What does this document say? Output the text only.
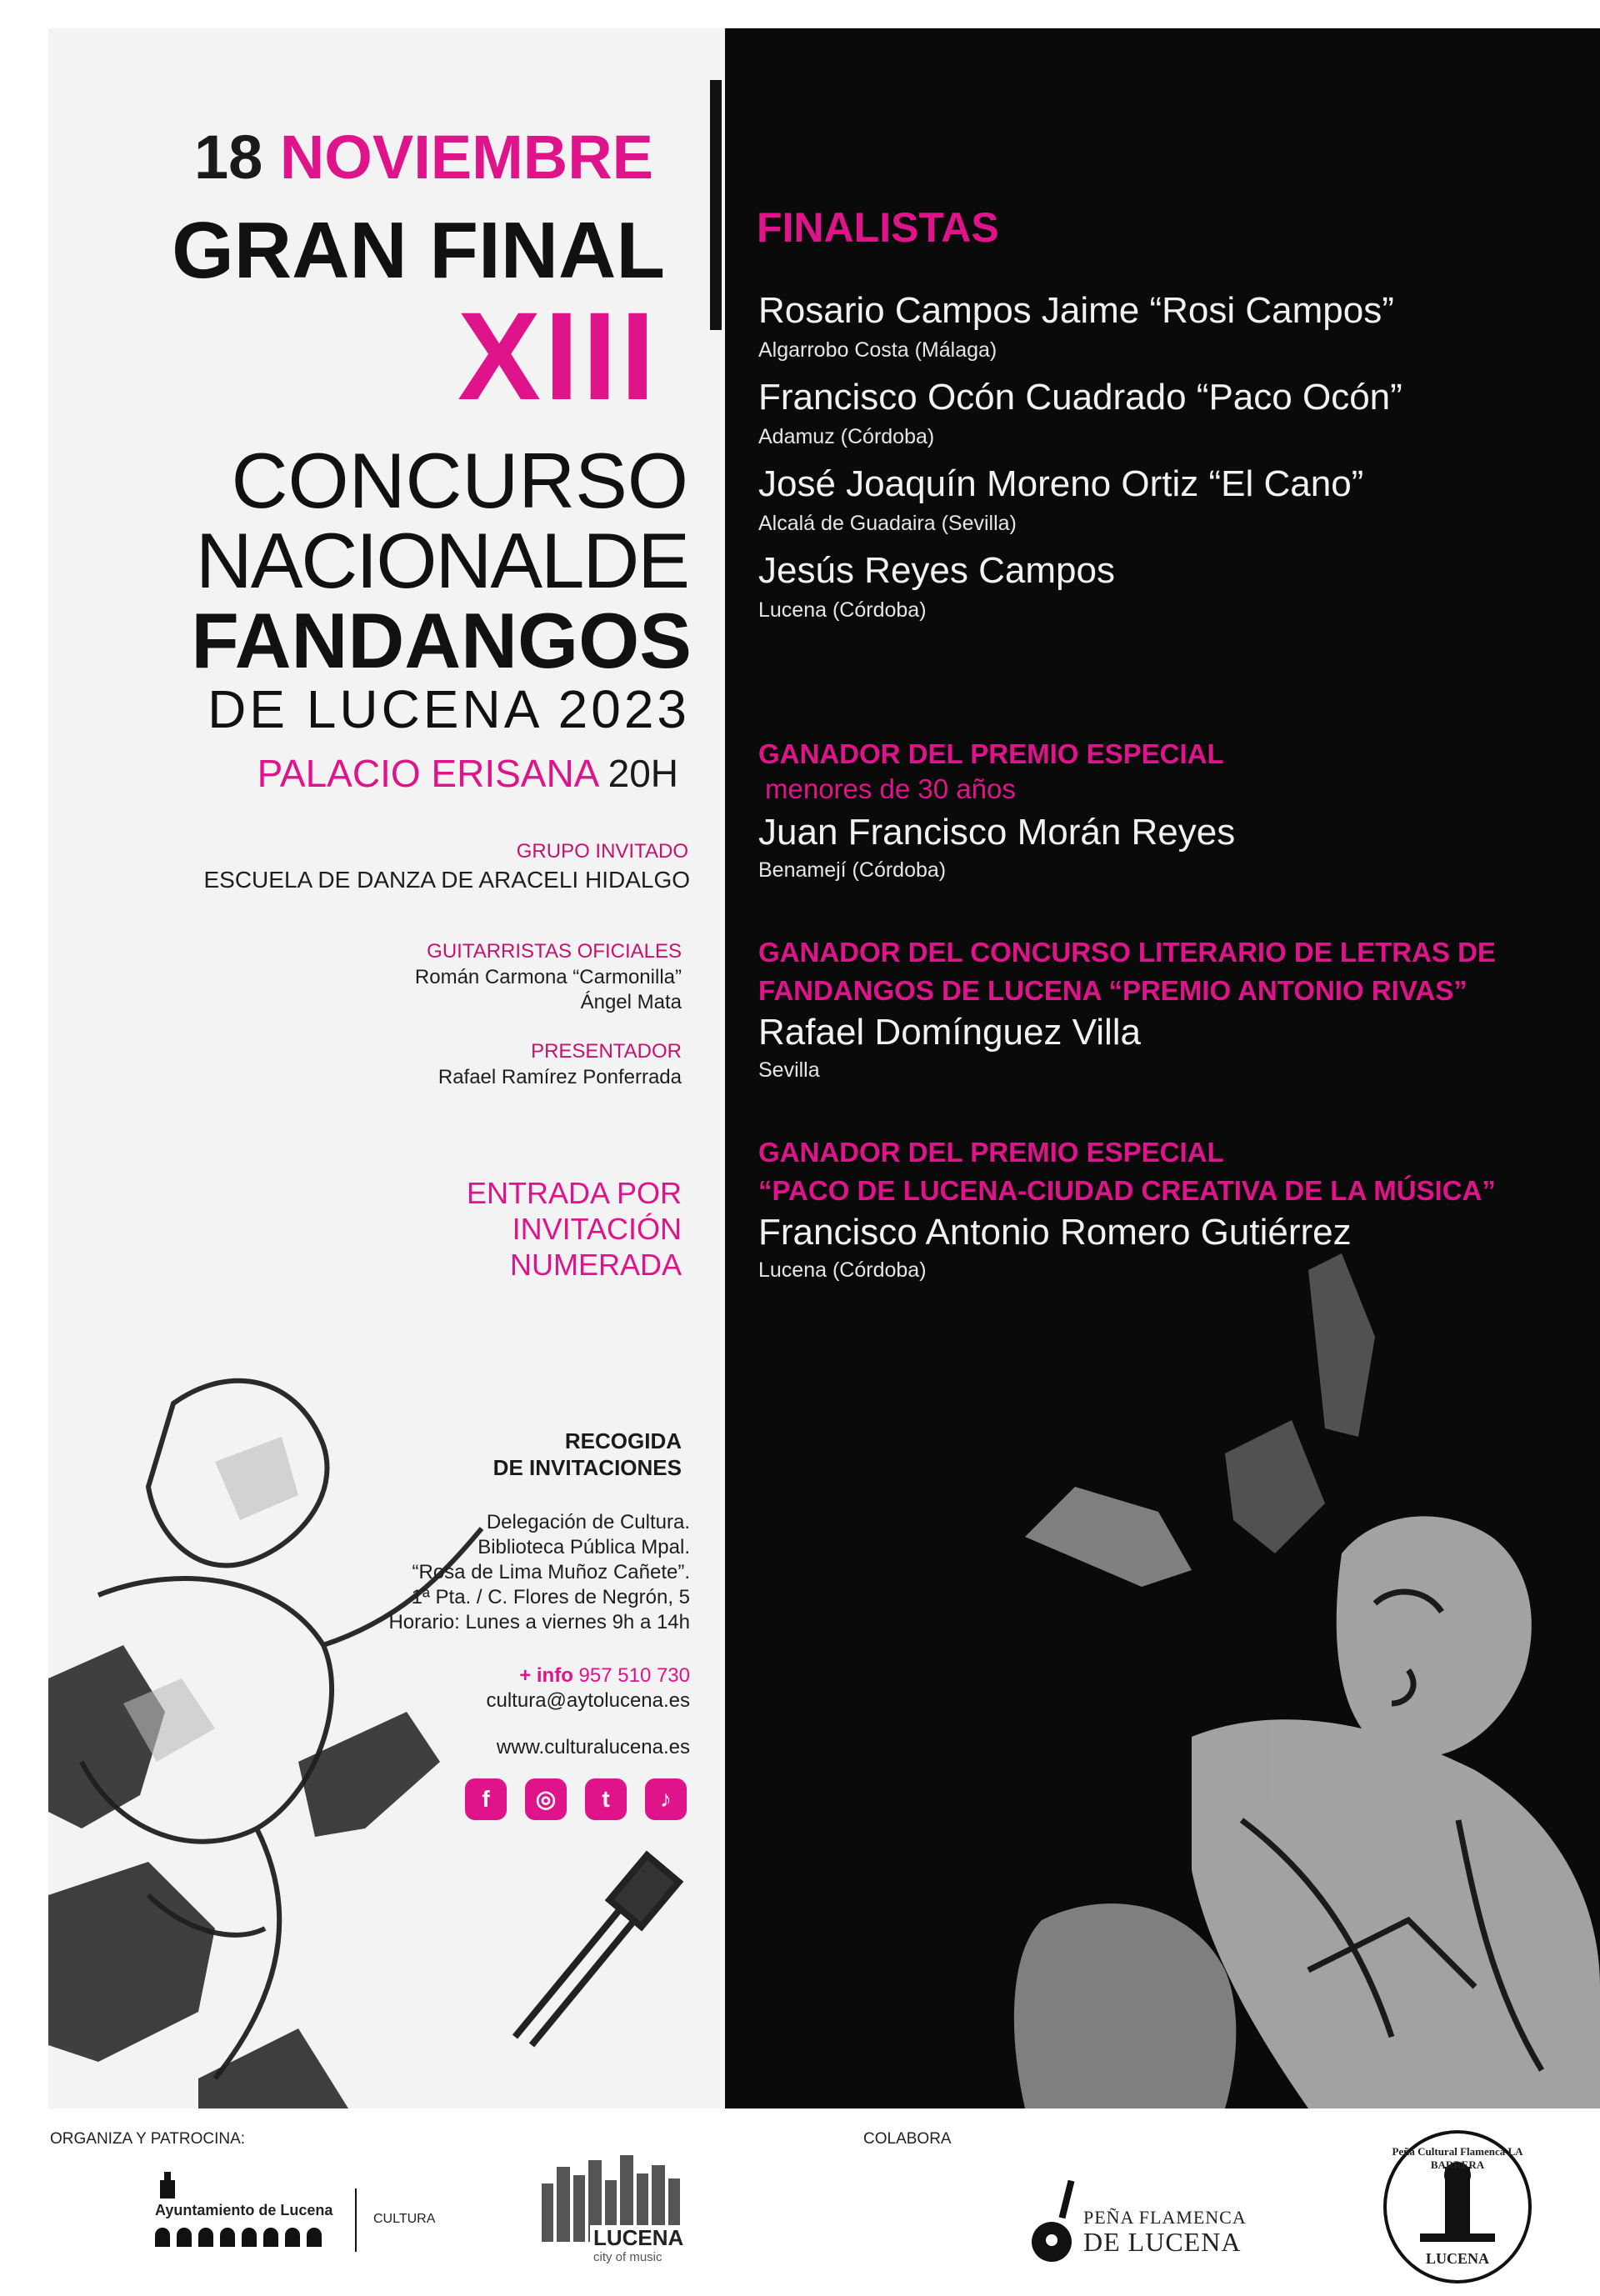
18 NOVIEMBRE
GRAN FINAL
XIII
CONCURSO
NACIONALDE
FANDANGOS
DE LUCENA 2023
PALACIO ERISANA 20H
GRUPO INVITADO
ESCUELA DE DANZA DE ARACELI HIDALGO
GUITARRISTAS OFICIALES
Román Carmona “Carmonilla”
Ángel Mata
PRESENTADOR
Rafael Ramírez Ponferrada
ENTRADA POR
INVITACIÓN
NUMERADA
RECOGIDA
DE INVITACIONES
Delegación de Cultura.
Biblioteca Pública Mpal.
“Rosa de Lima Muñoz Cañete”.
1ª Pta. / C. Flores de Negrón, 5
Horario: Lunes a viernes 9h a 14h
+ info 957 510 730
cultura@aytolucena.es
www.culturalucena.es
f	◎	t	♪
FINALISTAS
Rosario Campos Jaime “Rosi Campos”
Algarrobo Costa (Málaga)
Francisco Ocón Cuadrado “Paco Ocón”
Adamuz (Córdoba)
José Joaquín Moreno Ortiz “El Cano”
Alcalá de Guadaira (Sevilla)
Jesús Reyes Campos
Lucena (Córdoba)
GANADOR DEL PREMIO ESPECIAL
menores de 30 años
Juan Francisco Morán Reyes
Benamejí (Córdoba)
GANADOR DEL CONCURSO LITERARIO DE LETRAS DE
FANDANGOS DE LUCENA “PREMIO ANTONIO RIVAS”
Rafael Domínguez Villa
Sevilla
GANADOR DEL PREMIO ESPECIAL
“PACO DE LUCENA-CIUDAD CREATIVA DE LA MÚSICA”
Francisco Antonio Romero Gutiérrez
Lucena (Córdoba)
ORGANIZA Y PATROCINA:	COLABORA
Ayuntamiento de Lucena
CULTURA
LUCENA
city of music
PEÑA FLAMENCA
DE LUCENA
Peña Cultural Flamenca LA BARRERA
LUCENA
